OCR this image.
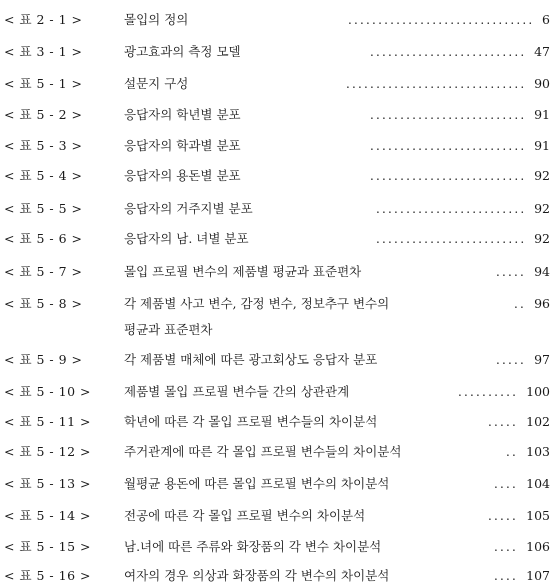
< 표 2 - 1 >	몰입의 정의	............................... 6
< 표 3 - 1 >	광고효과의 측정 모델	.......................... 47
< 표 5 - 1 >	설문지 구성	.............................. 90
< 표 5 - 2 >	응답자의 학년별 분포	.......................... 91
< 표 5 - 3 >	응답자의 학과별 분포	.......................... 91
< 표 5 - 4 >	응답자의 용돈별 분포	.......................... 92
< 표 5 - 5 >	응답자의 거주지별 분포	......................... 92
< 표 5 - 6 >	응답자의 남. 녀별 분포	......................... 92
< 표 5 - 7 >	몰입 프로필 변수의 제품별 평균과 표준편차	..... 94
< 표 5 - 8 >	각 제품별 사고 변수, 감정 변수, 정보추구 변수의	.. 96
평균과 표준편차
< 표 5 - 9 >	각 제품별 매체에 따른 광고회상도 응답자 분포	..... 97
< 표 5 - 10 >	제품별 몰입 프로필 변수들 간의 상관관계	.......... 100
< 표 5 - 11 >	학년에 따른 각 몰입 프로필 변수들의 차이분석	..... 102
< 표 5 - 12 >	주거관계에 따른 각 몰입 프로필 변수들의 차이분석	.. 103
< 표 5 - 13 >	월평균 용돈에 따른 몰입 프로필 변수의 차이분석	.... 104
< 표 5 - 14 >	전공에 따른 각 몰입 프로필 변수의 차이분석	..... 105
< 표 5 - 15 >	남.녀에 따른 주류와 화장품의 각 변수 차이분석	.... 106
< 표 5 - 16 >	여자의 경우 의상과 화장품의 각 변수의 차이분석	.... 107
